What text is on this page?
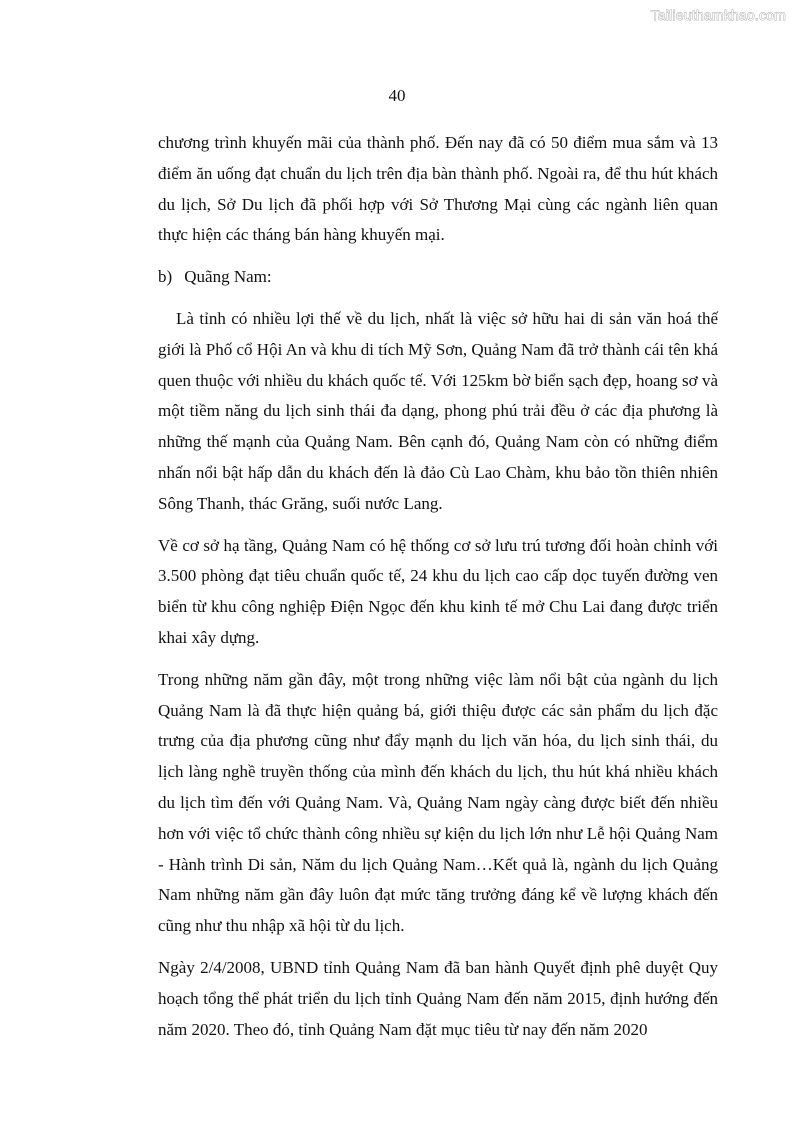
Tailieuthamkhao.com
40

chương trình khuyến mãi của thành phố. Đến nay đã có 50 điểm mua sắm và 13 điểm ăn uống đạt chuẩn du lịch trên địa bàn thành phố. Ngoài ra, để thu hút khách du lịch, Sở Du lịch đã phối hợp với Sở Thương Mại cùng các ngành liên quan thực hiện các tháng bán hàng khuyến mại.

b) Quãng Nam:

Là tỉnh có nhiều lợi thế về du lịch, nhất là việc sở hữu hai di sản văn hoá thế giới là Phố cổ Hội An và khu di tích Mỹ Sơn, Quảng Nam đã trở thành cái tên khá quen thuộc với nhiều du khách quốc tế. Với 125km bờ biển sạch đẹp, hoang sơ và một tiềm năng du lịch sinh thái đa dạng, phong phú trải đều ở các địa phương là những thế mạnh của Quảng Nam. Bên cạnh đó, Quảng Nam còn có những điểm nhấn nổi bật hấp dẫn du khách đến là đảo Cù Lao Chàm, khu bảo tồn thiên nhiên Sông Thanh, thác Grăng, suối nước Lang.

Về cơ sở hạ tầng, Quảng Nam có hệ thống cơ sở lưu trú tương đối hoàn chỉnh với 3.500 phòng đạt tiêu chuẩn quốc tế, 24 khu du lịch cao cấp dọc tuyến đường ven biển từ khu công nghiệp Điện Ngọc đến khu kinh tế mở Chu Lai đang được triển khai xây dựng.

Trong những năm gần đây, một trong những việc làm nổi bật của ngành du lịch Quảng Nam là đã thực hiện quảng bá, giới thiệu được các sản phẩm du lịch đặc trưng của địa phương cũng như đẩy mạnh du lịch văn hóa, du lịch sinh thái, du lịch làng nghề truyền thống của mình đến khách du lịch, thu hút khá nhiều khách du lịch tìm đến với Quảng Nam. Và, Quảng Nam ngày càng được biết đến nhiều hơn với việc tổ chức thành công nhiều sự kiện du lịch lớn như Lễ hội Quảng Nam - Hành trình Di sản, Năm du lịch Quảng Nam…Kết quả là, ngành du lịch Quảng Nam những năm gần đây luôn đạt mức tăng trưởng đáng kể về lượng khách đến cũng như thu nhập xã hội từ du lịch.

Ngày 2/4/2008, UBND tỉnh Quảng Nam đã ban hành Quyết định phê duyệt Quy hoạch tổng thể phát triển du lịch tỉnh Quảng Nam đến năm 2015, định hướng đến năm 2020. Theo đó, tỉnh Quảng Nam đặt mục tiêu từ nay đến năm 2020
